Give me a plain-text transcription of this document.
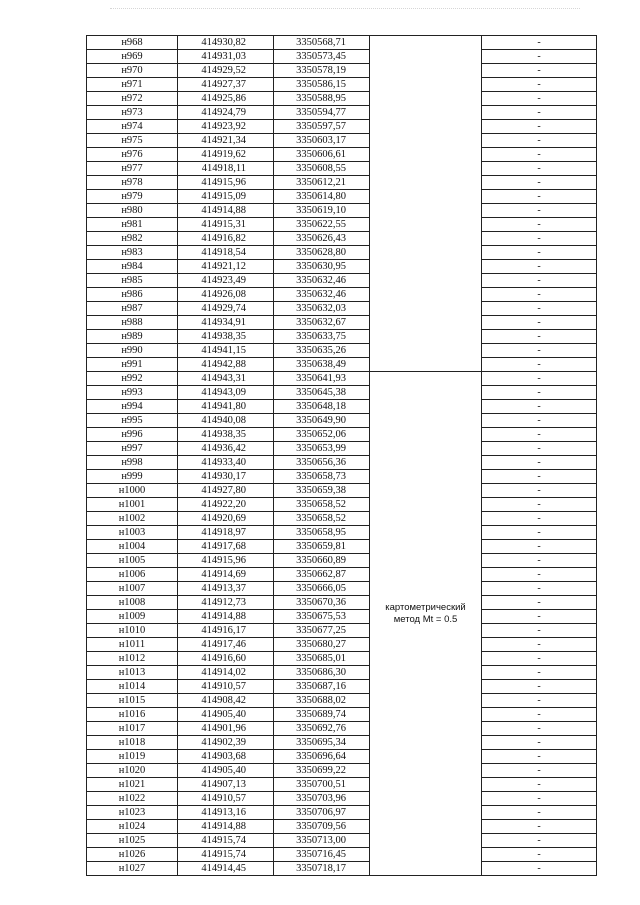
н968	414930,82	3350568,71		-
н969	414931,03	3350573,45		-
н970	414929,52	3350578,19		-
н971	414927,37	3350586,15		-
н972	414925,86	3350588,95		-
н973	414924,79	3350594,77		-
н974	414923,92	3350597,57		-
н975	414921,34	3350603,17		-
н976	414919,62	3350606,61		-
н977	414918,11	3350608,55		-
н978	414915,96	3350612,21		-
н979	414915,09	3350614,80		-
н980	414914,88	3350619,10		-
н981	414915,31	3350622,55		-
н982	414916,82	3350626,43		-
н983	414918,54	3350628,80		-
н984	414921,12	3350630,95		-
н985	414923,49	3350632,46		-
н986	414926,08	3350632,46		-
н987	414929,74	3350632,03		-
н988	414934,91	3350632,67		-
н989	414938,35	3350633,75		-
н990	414941,15	3350635,26		-
н991	414942,88	3350638,49		-
н992	414943,31	3350641,93	картометрический
метод Mt = 0.5	-
н993	414943,09	3350645,38		-
н994	414941,80	3350648,18		-
н995	414940,08	3350649,90		-
н996	414938,35	3350652,06		-
н997	414936,42	3350653,99		-
н998	414933,40	3350656,36		-
н999	414930,17	3350658,73		-
н1000	414927,80	3350659,38		-
н1001	414922,20	3350658,52		-
н1002	414920,69	3350658,52		-
н1003	414918,97	3350658,95		-
н1004	414917,68	3350659,81		-
н1005	414915,96	3350660,89		-
н1006	414914,69	3350662,87		-
н1007	414913,37	3350666,05		-
н1008	414912,73	3350670,36		-
н1009	414914,88	3350675,53		-
н1010	414916,17	3350677,25		-
н1011	414917,46	3350680,27		-
н1012	414916,60	3350685,01		-
н1013	414914,02	3350686,30		-
н1014	414910,57	3350687,16		-
н1015	414908,42	3350688,02		-
н1016	414905,40	3350689,74		-
н1017	414901,96	3350692,76		-
н1018	414902,39	3350695,34		-
н1019	414903,68	3350696,64		-
н1020	414905,40	3350699,22		-
н1021	414907,13	3350700,51		-
н1022	414910,57	3350703,96		-
н1023	414913,16	3350706,97		-
н1024	414914,88	3350709,56		-
н1025	414915,74	3350713,00		-
н1026	414915,74	3350716,45		-
н1027	414914,45	3350718,17		-
